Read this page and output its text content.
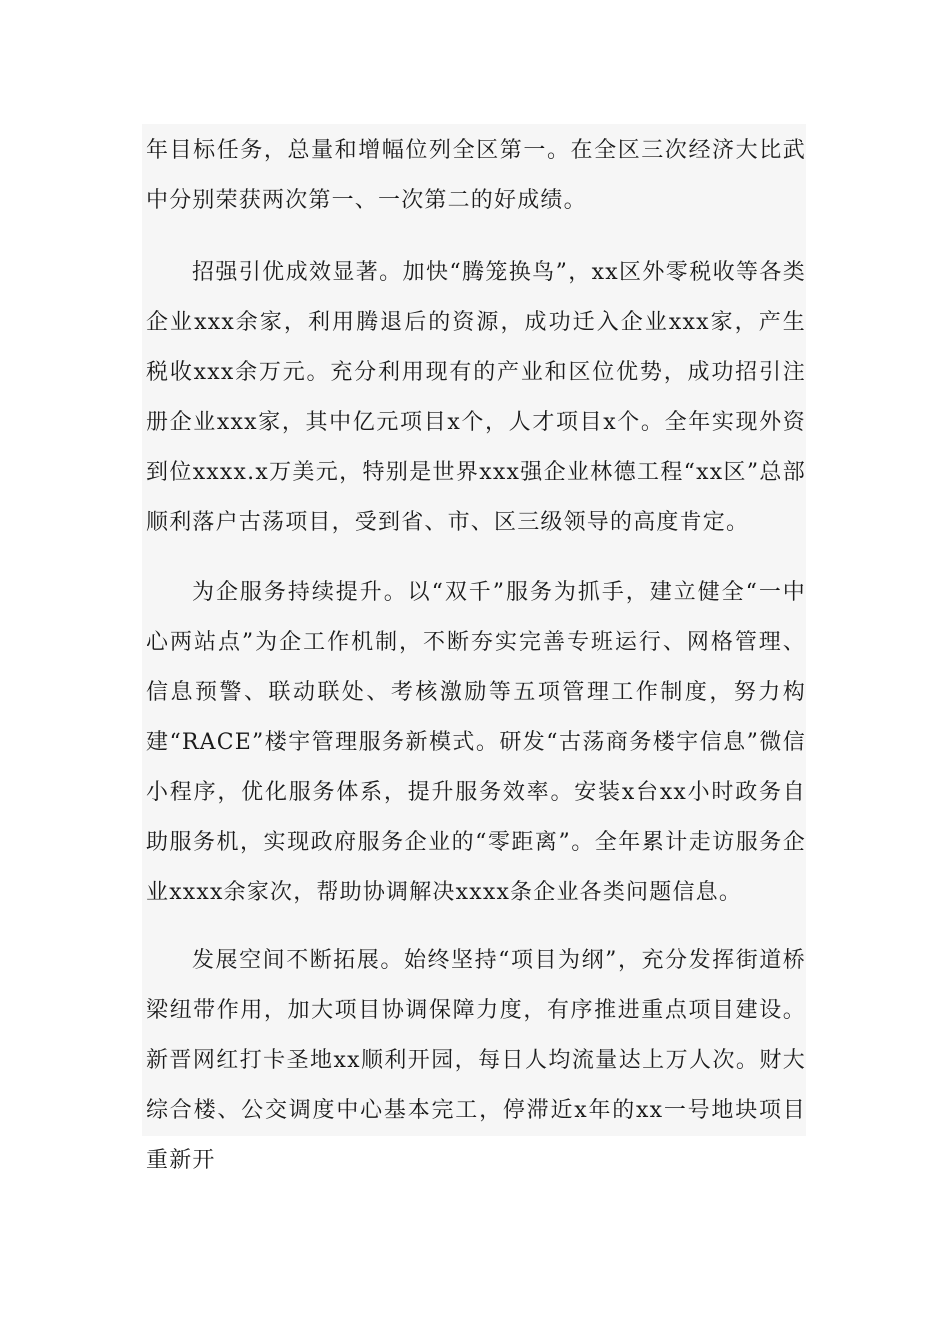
年目标任务，总量和增幅位列全区第一。在全区三次经济大比武中分别荣获两次第一、一次第二的好成绩。

招强引优成效显著。加快“腾笼换鸟”，xx区外零税收等各类企业xxx余家，利用腾退后的资源，成功迁入企业xxx家，产生税收xxx余万元。充分利用现有的产业和区位优势，成功招引注册企业xxx家，其中亿元项目x个，人才项目x个。全年实现外资到位xxxx.x万美元，特别是世界xxx强企业林德工程“xx区”总部顺利落户古荡项目，受到省、市、区三级领导的高度肯定。

为企服务持续提升。以“双千”服务为抓手，建立健全“一中心两站点”为企工作机制，不断夯实完善专班运行、网格管理、信息预警、联动联处、考核激励等五项管理工作制度，努力构建“RACE”楼宇管理服务新模式。研发“古荡商务楼宇信息”微信小程序，优化服务体系，提升服务效率。安装x台xx小时政务自助服务机，实现政府服务企业的“零距离”。全年累计走访服务企业xxxx余家次，帮助协调解决xxxx条企业各类问题信息。

发展空间不断拓展。始终坚持“项目为纲”，充分发挥街道桥梁纽带作用，加大项目协调保障力度，有序推进重点项目建设。新晋网红打卡圣地xx顺利开园，每日人均流量达上万人次。财大综合楼、公交调度中心基本完工，停滞近x年的xx一号地块项目重新开
